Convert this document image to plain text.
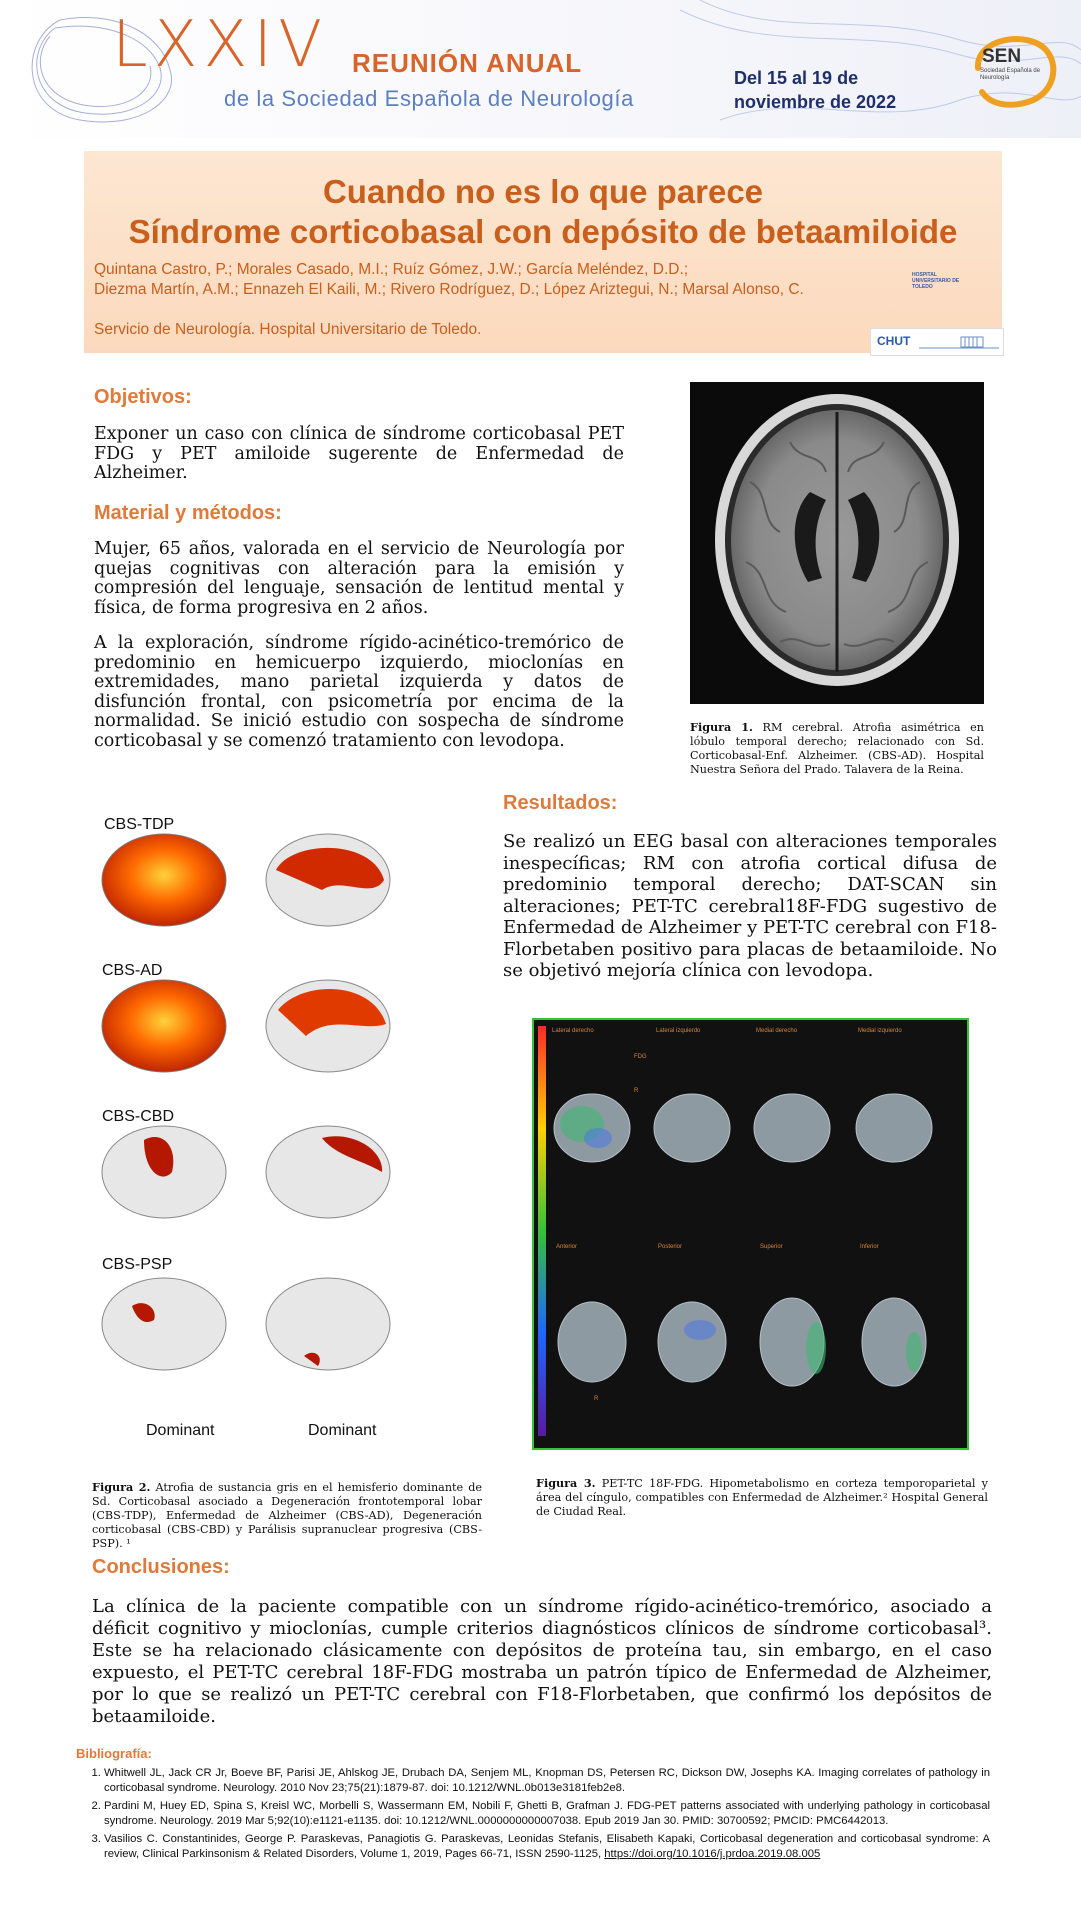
LXXIV REUNIÓN ANUAL
de la Sociedad Española de Neurología
Del 15 al 19 de
noviembre de 2022
SEN
Sociedad Española de Neurología
Cuando no es lo que parece
Síndrome corticobasal con depósito de betaamiloide
Quintana Castro, P.; Morales Casado, M.I.; Ruíz Gómez, J.W.; García Meléndez, D.D.;
Diezma Martín, A.M.; Ennazeh El Kaili, M.; Rivero Rodríguez, D.; López Ariztegui, N.; Marsal Alonso, C.
Servicio de Neurología. Hospital Universitario de Toledo.
HOSPITAL UNIVERSITARIO DE TOLEDO
CHUT
Objetivos:
Exponer un caso con clínica de síndrome corticobasal PET FDG y PET amiloide sugerente de Enfermedad de Alzheimer.
Material y métodos:
Mujer, 65 años, valorada en el servicio de Neurología por quejas cognitivas con alteración para la emisión y compresión del lenguaje, sensación de lentitud mental y física, de forma progresiva en 2 años.
A la exploración, síndrome rígido-acinético-tremórico de predominio en hemicuerpo izquierdo, mioclonías en extremidades, mano parietal izquierda y datos de disfunción frontal, con psicometría por encima de la normalidad. Se inició estudio con sospecha de síndrome corticobasal y se comenzó tratamiento con levodopa.
Figura 1. RM cerebral. Atrofia asimétrica en lóbulo temporal derecho; relacionado con Sd. Corticobasal-Enf. Alzheimer. (CBS-AD). Hospital Nuestra Señora del Prado. Talavera de la Reina.
Resultados:
Se realizó un EEG basal con alteraciones temporales inespecíficas; RM con atrofia cortical difusa de predominio temporal derecho; DAT-SCAN sin alteraciones; PET-TC cerebral18F-FDG sugestivo de Enfermedad de Alzheimer y PET-TC cerebral con F18-Florbetaben positivo para placas de betaamiloide. No se objetivó mejoría clínica con levodopa.
CBS-TDP
CBS-AD
CBS-CBD
CBS-PSP
Dominant	Dominant
Figura 2. Atrofia de sustancia gris en el hemisferio dominante de Sd. Corticobasal asociado a Degeneración frontotemporal lobar (CBS-TDP), Enfermedad de Alzheimer (CBS-AD), Degeneración corticobasal (CBS-CBD) y Parálisis supranuclear progresiva (CBS-PSP). ¹
R
R
Lateral derecho	Lateral izquierdo	Medial derecho	Medial izquierdo
FDG
Anterior	Posterior	Superior	Inferior
Figura 3. PET-TC 18F-FDG. Hipometabolismo en corteza temporoparietal y área del cíngulo, compatibles con Enfermedad de Alzheimer.² Hospital General de Ciudad Real.
Conclusiones:
La clínica de la paciente compatible con un síndrome rígido-acinético-tremórico, asociado a déficit cognitivo y mioclonías, cumple criterios diagnósticos clínicos de síndrome corticobasal³. Este se ha relacionado clásicamente con depósitos de proteína tau, sin embargo, en el caso expuesto, el PET-TC cerebral 18F-FDG mostraba un patrón típico de Enfermedad de Alzheimer, por lo que se realizó un PET-TC cerebral con F18-Florbetaben, que confirmó los depósitos de betaamiloide.
Bibliografía:
1. Whitwell JL, Jack CR Jr, Boeve BF, Parisi JE, Ahlskog JE, Drubach DA, Senjem ML, Knopman DS, Petersen RC, Dickson DW, Josephs KA. Imaging correlates of pathology in corticobasal syndrome. Neurology. 2010 Nov 23;75(21):1879-87. doi: 10.1212/WNL.0b013e3181feb2e8.
2. Pardini M, Huey ED, Spina S, Kreisl WC, Morbelli S, Wassermann EM, Nobili F, Ghetti B, Grafman J. FDG-PET patterns associated with underlying pathology in corticobasal syndrome. Neurology. 2019 Mar 5;92(10):e1121-e1135. doi: 10.1212/WNL.0000000000007038. Epub 2019 Jan 30. PMID: 30700592; PMCID: PMC6442013.
3. Vasilios C. Constantinides, George P. Paraskevas, Panagiotis G. Paraskevas, Leonidas Stefanis, Elisabeth Kapaki, Corticobasal degeneration and corticobasal syndrome: A review, Clinical Parkinsonism & Related Disorders, Volume 1, 2019, Pages 66-71, ISSN 2590-1125, https://doi.org/10.1016/j.prdoa.2019.08.005
